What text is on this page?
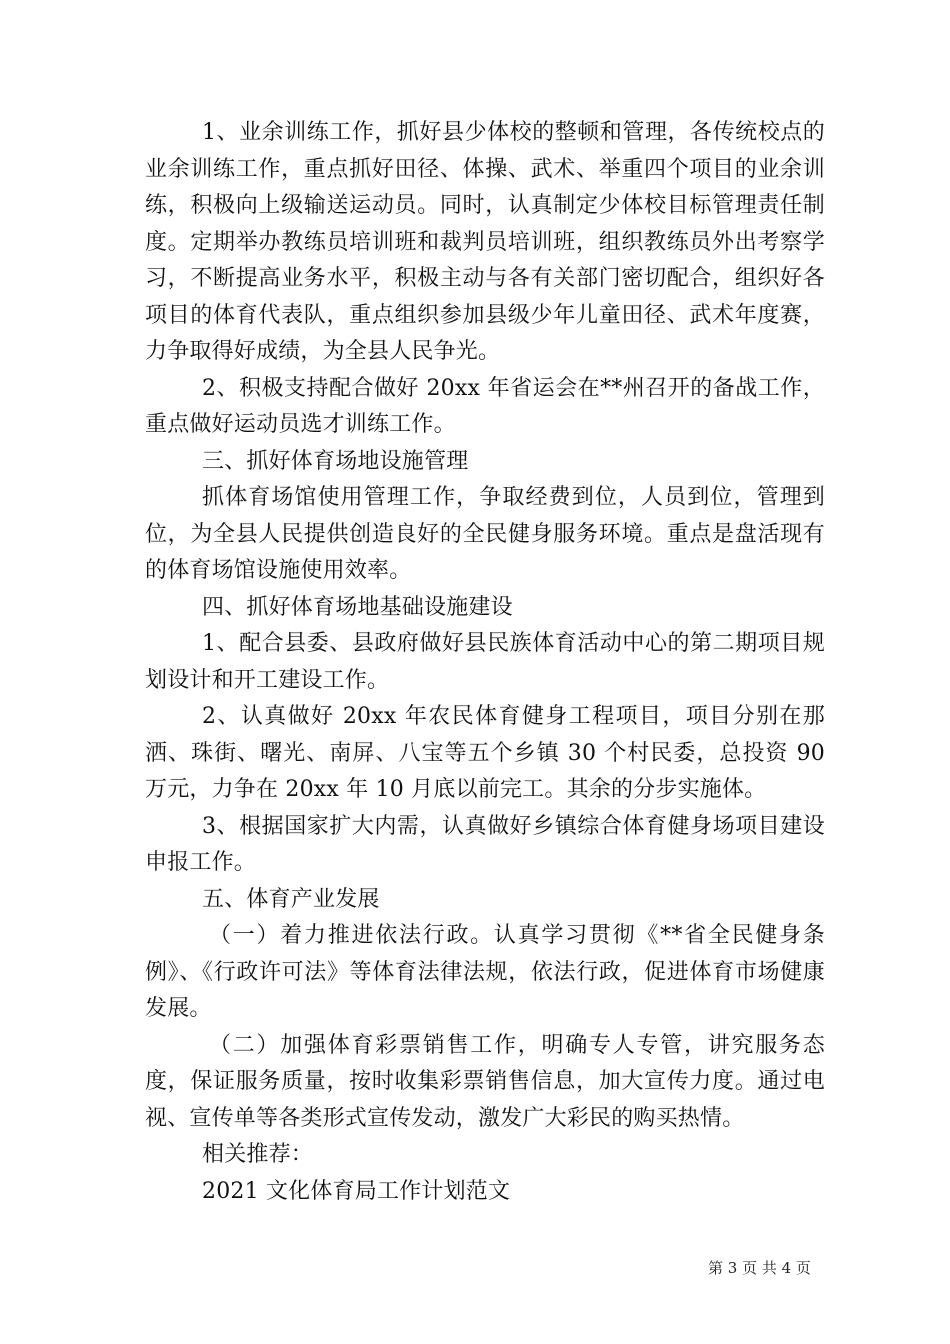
1、业余训练工作，抓好县少体校的整顿和管理，各传统校点的业余训练工作，重点抓好田径、体操、武术、举重四个项目的业余训练，积极向上级输送运动员。同时，认真制定少体校目标管理责任制度。定期举办教练员培训班和裁判员培训班，组织教练员外出考察学习，不断提高业务水平，积极主动与各有关部门密切配合，组织好各项目的体育代表队，重点组织参加县级少年儿童田径、武术年度赛，力争取得好成绩，为全县人民争光。

2、积极支持配合做好 20xx 年省运会在**州召开的备战工作，重点做好运动员选才训练工作。

三、抓好体育场地设施管理

抓体育场馆使用管理工作，争取经费到位，人员到位，管理到位，为全县人民提供创造良好的全民健身服务环境。重点是盘活现有的体育场馆设施使用效率。

四、抓好体育场地基础设施建设

1、配合县委、县政府做好县民族体育活动中心的第二期项目规划设计和开工建设工作。

2、认真做好 20xx 年农民体育健身工程项目，项目分别在那洒、珠街、曙光、南屏、八宝等五个乡镇 30 个村民委，总投资 90 万元，力争在 20xx 年 10 月底以前完工。其余的分步实施体。

3、根据国家扩大内需，认真做好乡镇综合体育健身场项目建设申报工作。

五、体育产业发展

（一）着力推进依法行政。认真学习贯彻《**省全民健身条例》、《行政许可法》等体育法律法规，依法行政，促进体育市场健康发展。

（二）加强体育彩票销售工作，明确专人专管，讲究服务态度，保证服务质量，按时收集彩票销售信息，加大宣传力度。通过电视、宣传单等各类形式宣传发动，激发广大彩民的购买热情。

相关推荐：

2021 文化体育局工作计划范文

第 3 页 共 4 页
